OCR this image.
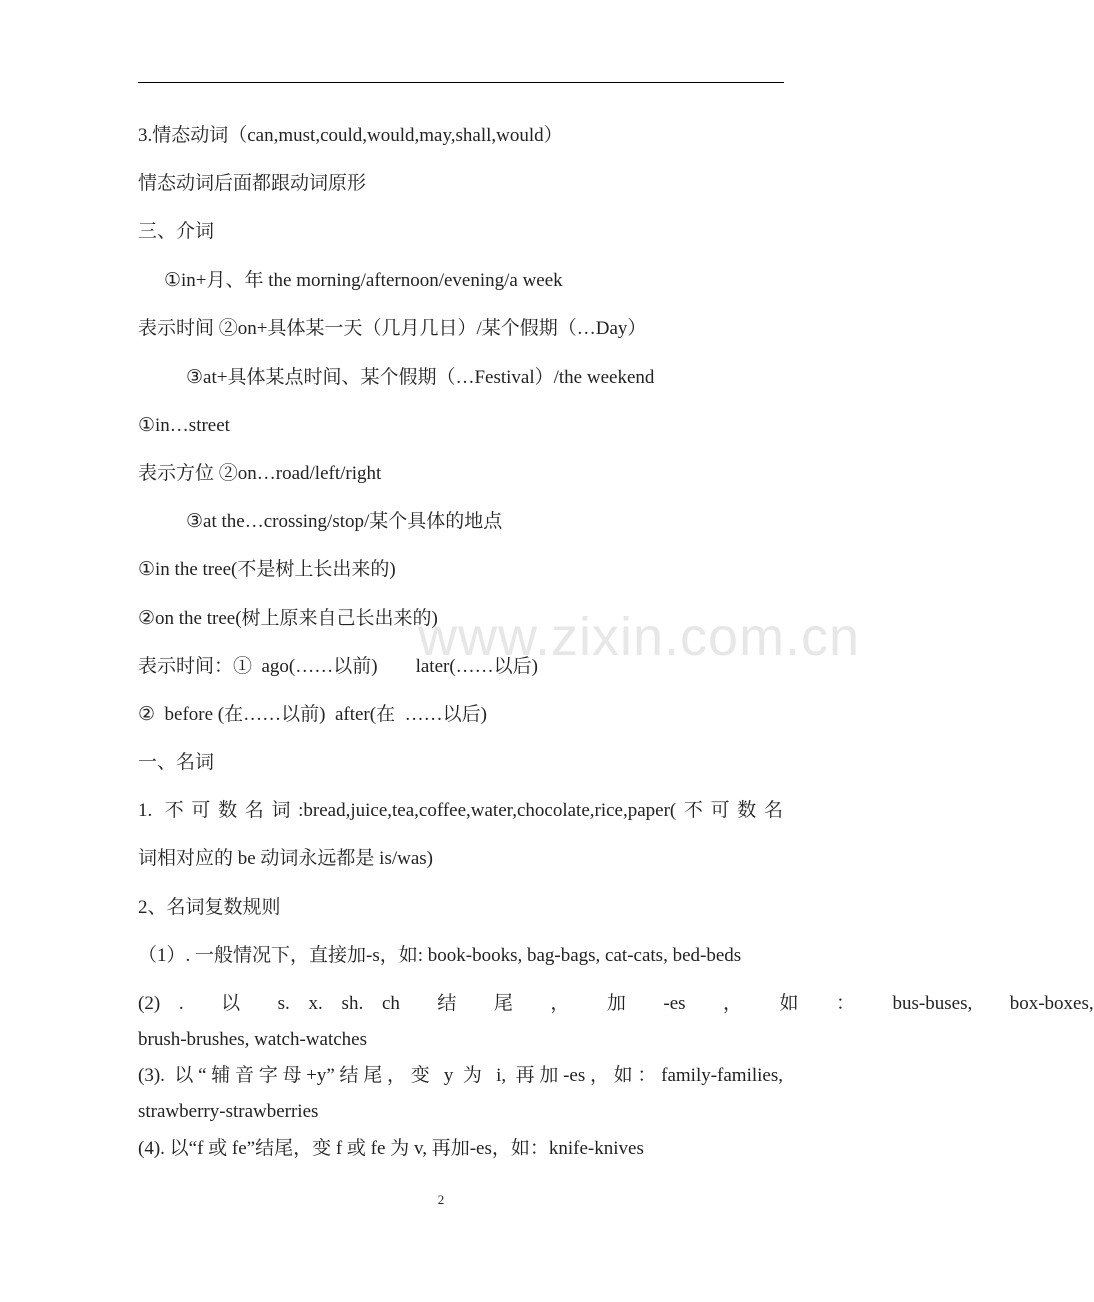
www.zixin.com.cn
3.情态动词（can,must,could,would,may,shall,would）
情态动词后面都跟动词原形
三、介词
①in+月、年 the morning/afternoon/evening/a week
表示时间 ②on+具体某一天（几月几日）/某个假期（…Day）
③at+具体某点时间、某个假期（…Festival）/the weekend
①in…street
表示方位 ②on…road/left/right
③at the…crossing/stop/某个具体的地点
①in the tree(不是树上长出来的)
②on the tree(树上原来自己长出来的)
表示时间：①  ago(……以前)        later(……以后)
②  before (在……以前)  after(在  ……以后)
一、名词
1. 不可数名词:bread,juice,tea,coffee,water,chocolate,rice,paper(不可数名
词相对应的 be 动词永远都是 is/was)
2、名词复数规则
（1）. 一般情况下，直接加-s，如: book-books, bag-bags, cat-cats, bed-beds
(2) .  以  s. x. sh. ch  结  尾  ，  加  -es  ，  如  ：  bus-buses,  box-boxes,
brush-brushes, watch-watches
(3). 以“辅音字母+y”结尾，变 y 为 i, 再加-es，如：family-families,
strawberry-strawberries
(4). 以“f 或 fe”结尾，变 f 或 fe 为 v, 再加-es，如：knife-knives
2
